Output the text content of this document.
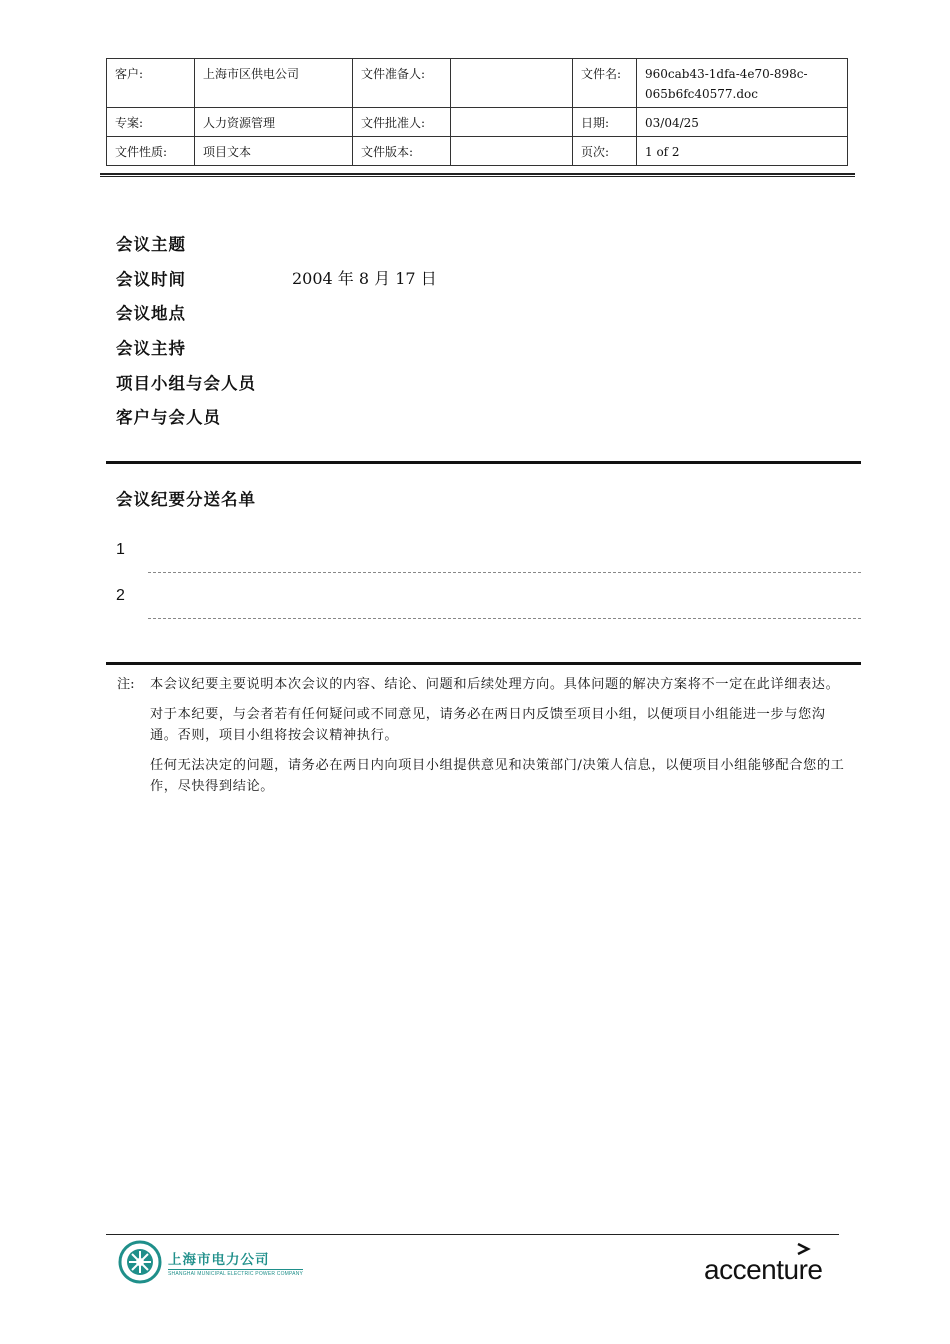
客户:	上海市区供电公司	文件准备人:		文件名:	960cab43-1dfa-4e70-898c-
065b6fc40577.doc

专案:	人力资源管理	文件批准人:		日期:	03/04/25
文件性质:	项目文本	文件版本:		页次:	1 of 2
会议主题
会议时间	2004 年 8 月 17 日
会议地点
会议主持
项目小组与会人员
客户与会人员
会议纪要分送名单
1
2
注: 本会议纪要主要说明本次会议的内容、结论、问题和后续处理方向。具体问题的解决方案将不一定在此详细表达。

对于本纪要，与会者若有任何疑问或不同意见，请务必在两日内反馈至项目小组，以便项目小组能进一步与您沟通。否则，项目小组将按会议精神执行。

任何无法决定的问题，请务必在两日内向项目小组提供意见和决策部门/决策人信息，以便项目小组能够配合您的工作，尽快得到结论。

上海市电力公司
SHANGHAI MUNICIPAL ELECTRIC POWER COMPANY	accenture
